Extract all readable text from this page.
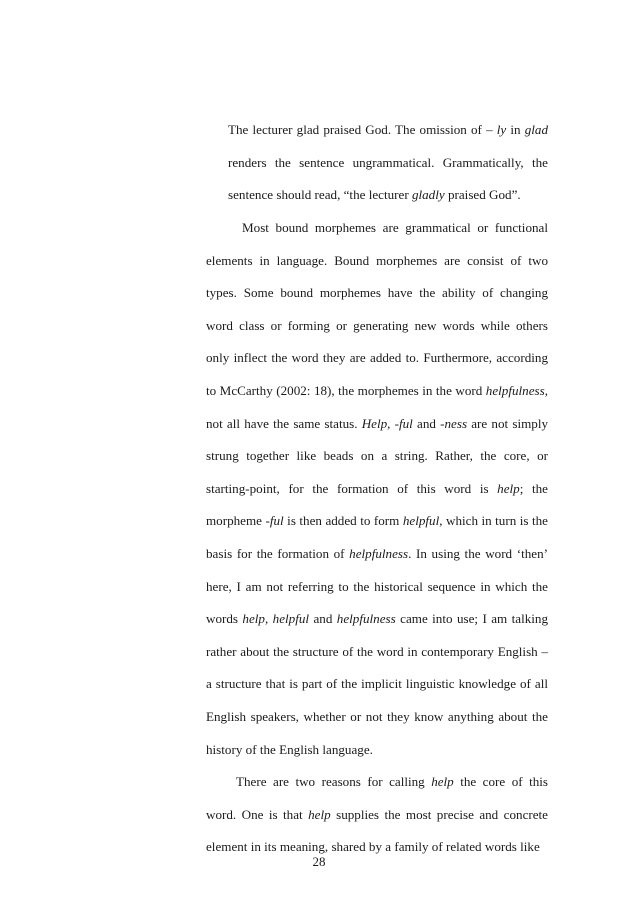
The lecturer glad praised God. The omission of – ly in glad renders the sentence ungrammatical. Grammatically, the sentence should read, “the lecturer gladly praised God”.

Most bound morphemes are grammatical or functional elements in language. Bound morphemes are consist of two types. Some bound morphemes have the ability of changing word class or forming or generating new words while others only inflect the word they are added to. Furthermore, according to McCarthy (2002: 18), the morphemes in the word helpfulness, not all have the same status. Help, -ful and -ness are not simply strung together like beads on a string. Rather, the core, or starting-point, for the formation of this word is help; the morpheme -ful is then added to form helpful, which in turn is the basis for the formation of helpfulness. In using the word ‘then’ here, I am not referring to the historical sequence in which the words help, helpful and helpfulness came into use; I am talking rather about the structure of the word in contemporary English – a structure that is part of the implicit linguistic knowledge of all English speakers, whether or not they know anything about the history of the English language.

There are two reasons for calling help the core of this word. One is that help supplies the most precise and concrete element in its meaning, shared by a family of related words like

28
